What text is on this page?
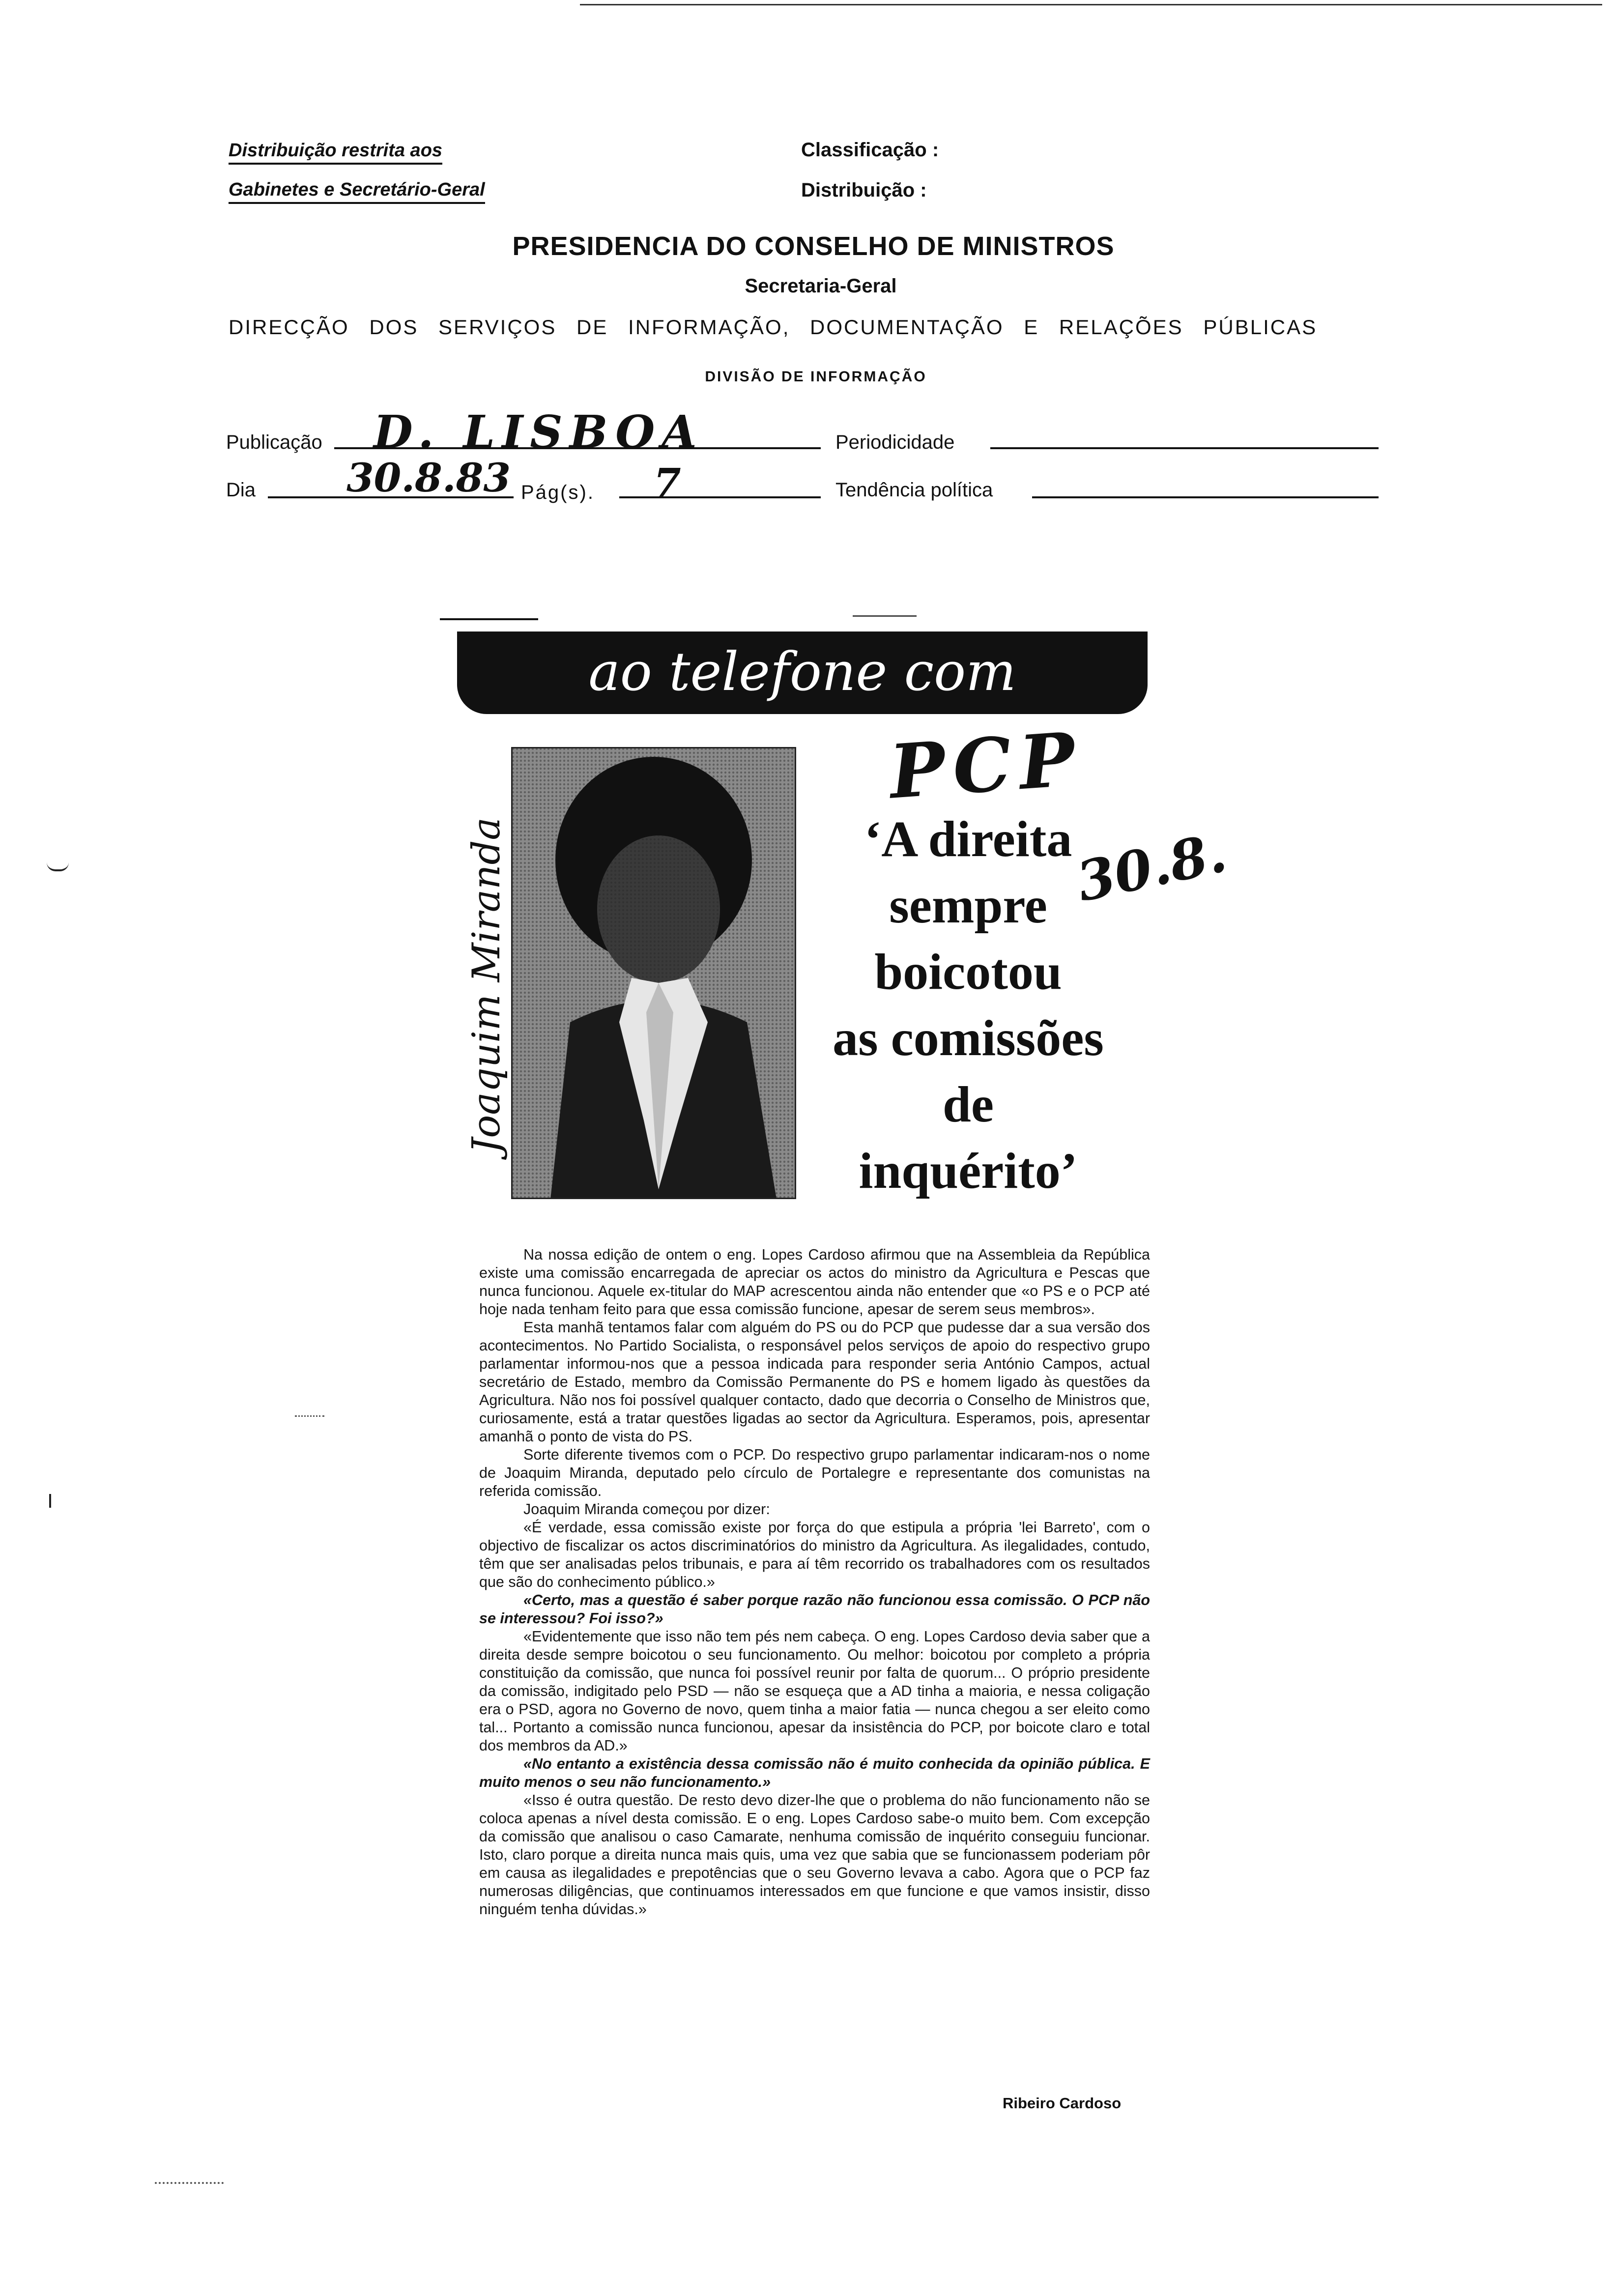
Distribuição restrita aos
Gabinetes e Secretário-Geral
Classificação :
Distribuição :
PRESIDENCIA DO CONSELHO DE MINISTROS
Secretaria-Geral
DIRECÇÃO DOS SERVIÇOS DE INFORMAÇÃO, DOCUMENTAÇÃO E RELAÇÕES PÚBLICAS
DIVISÃO DE INFORMAÇÃO
Publicação D. LISBOA	Periodicidade
Dia 30.8.83 Pág(s). 7	Tendência política
ao telefone com
Joaquim Miranda
PCP
30.8.
‘A direita
sempre
boicotou
as comissões
de
inquérito’

Na nossa edição de ontem o eng. Lopes Cardoso afirmou que na Assembleia da República existe uma comissão encarregada de apreciar os actos do ministro da Agricultura e Pescas que nunca funcionou. Aquele ex-titular do MAP acrescentou ainda não entender que «o PS e o PCP até hoje nada tenham feito para que essa comissão funcione, apesar de serem seus membros».

Esta manhã tentamos falar com alguém do PS ou do PCP que pudesse dar a sua versão dos acontecimentos. No Partido Socialista, o responsável pelos serviços de apoio do respectivo grupo parlamentar informou-nos que a pessoa indicada para responder seria António Campos, actual secretário de Estado, membro da Comissão Permanente do PS e homem ligado às questões da Agricultura. Não nos foi possível qualquer contacto, dado que decorria o Conselho de Ministros que, curiosamente, está a tratar questões ligadas ao sector da Agricultura. Esperamos, pois, apresentar amanhã o ponto de vista do PS.

Sorte diferente tivemos com o PCP. Do respectivo grupo parlamentar indicaram-nos o nome de Joaquim Miranda, deputado pelo círculo de Portalegre e representante dos comunistas na referida comissão.

Joaquim Miranda começou por dizer:

«É verdade, essa comissão existe por força do que estipula a própria 'lei Barreto', com o objectivo de fiscalizar os actos discriminatórios do ministro da Agricultura. As ilegalidades, contudo, têm que ser analisadas pelos tribunais, e para aí têm recorrido os trabalhadores com os resultados que são do conhecimento público.»

«Certo, mas a questão é saber porque razão não funcionou essa comissão. O PCP não se interessou? Foi isso?»

«Evidentemente que isso não tem pés nem cabeça. O eng. Lopes Cardoso devia saber que a direita desde sempre boicotou o seu funcionamento. Ou melhor: boicotou por completo a própria constituição da comissão, que nunca foi possível reunir por falta de quorum... O próprio presidente da comissão, indigitado pelo PSD — não se esqueça que a AD tinha a maioria, e nessa coligação era o PSD, agora no Governo de novo, quem tinha a maior fatia — nunca chegou a ser eleito como tal... Portanto a comissão nunca funcionou, apesar da insistência do PCP, por boicote claro e total dos membros da AD.»

«No entanto a existência dessa comissão não é muito conhecida da opinião pública. E muito menos o seu não funcionamento.»

«Isso é outra questão. De resto devo dizer-lhe que o problema do não funcionamento não se coloca apenas a nível desta comissão. E o eng. Lopes Cardoso sabe-o muito bem. Com excepção da comissão que analisou o caso Camarate, nenhuma comissão de inquérito conseguiu funcionar. Isto, claro porque a direita nunca mais quis, uma vez que sabia que se funcionassem poderiam pôr em causa as ilegalidades e prepotências que o seu Governo levava a cabo. Agora que o PCP faz numerosas diligências, que continuamos interessados em que funcione e que vamos insistir, disso ninguém tenha dúvidas.»

Ribeiro Cardoso
